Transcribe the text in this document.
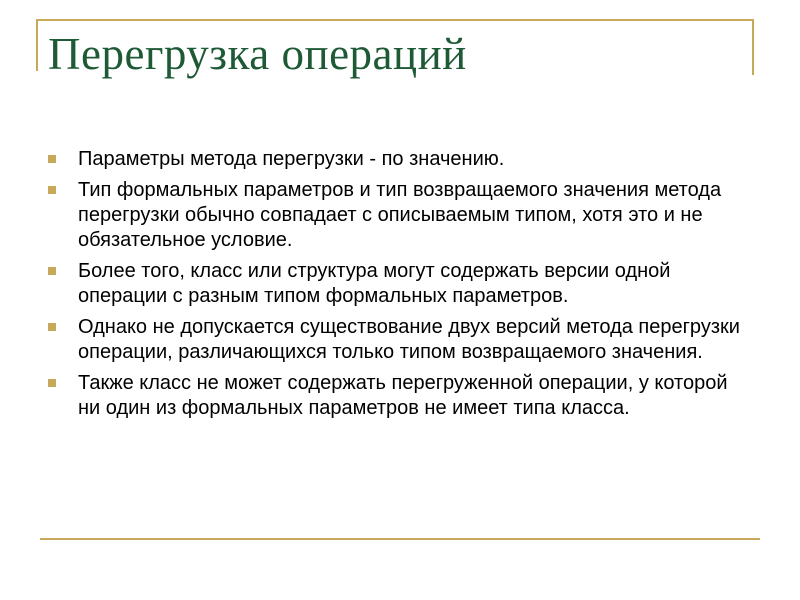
Перегрузка операций
Параметры метода перегрузки - по значению.
Тип формальных параметров и тип возвращаемого значения метода перегрузки обычно совпадает с описываемым типом, хотя это и не обязательное условие.
Более того, класс или структура могут содержать версии одной операции с разным типом формальных параметров.
Однако не допускается существование двух версий метода перегрузки операции, различающихся только типом возвращаемого значения.
Также класс не может содержать перегруженной операции, у которой ни один из формальных параметров не имеет типа класса.
